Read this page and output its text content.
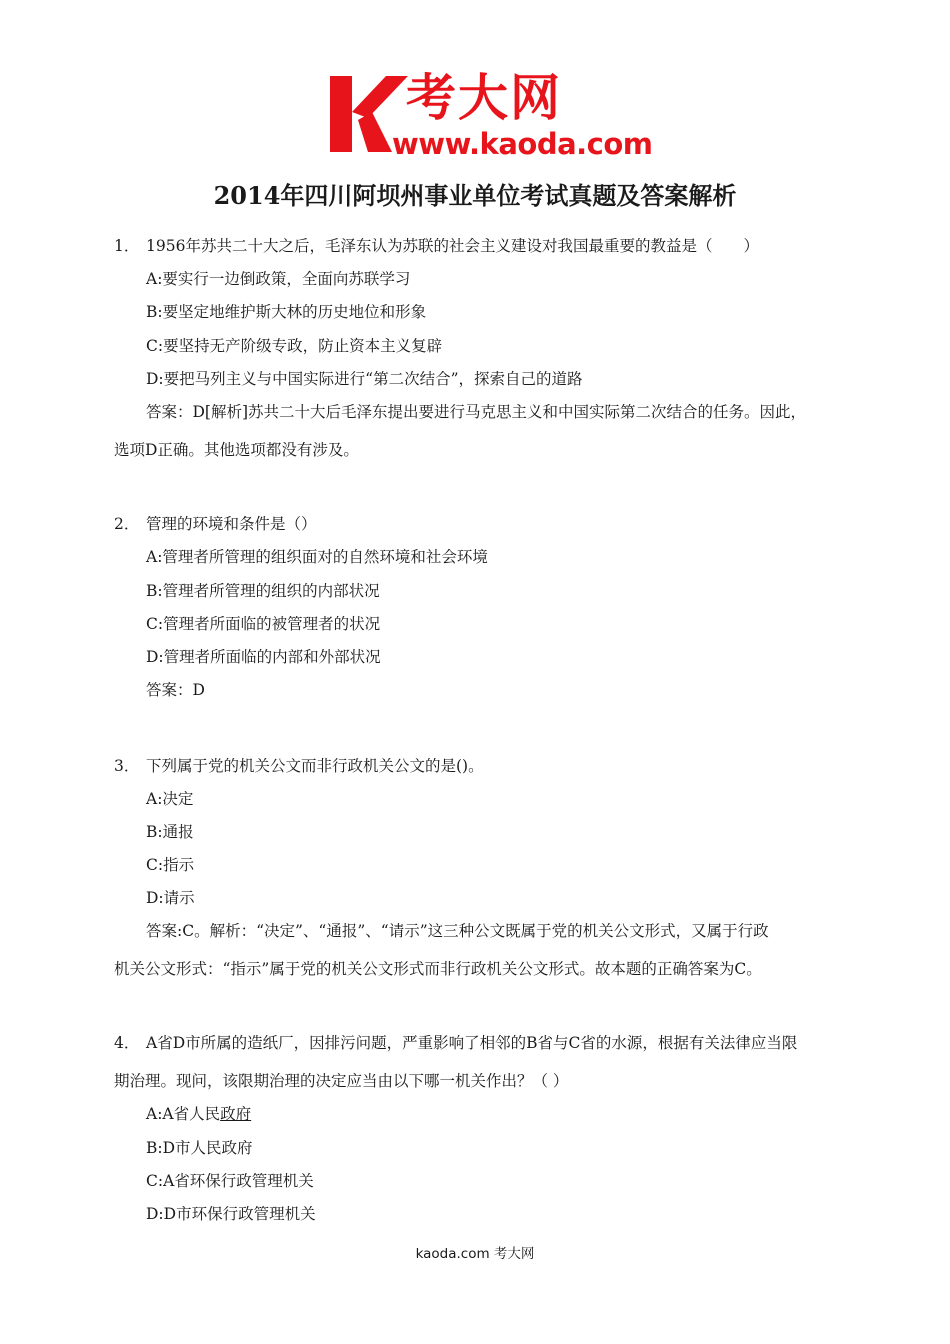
考大网
www.kaoda.com
2014年四川阿坝州事业单位考试真题及答案解析
1． 1956年苏共二十大之后，毛泽东认为苏联的社会主义建设对我国最重要的教益是（　　）
A:要实行一边倒政策，全面向苏联学习
B:要坚定地维护斯大林的历史地位和形象
C:要坚持无产阶级专政，防止资本主义复辟
D:要把马列主义与中国实际进行“第二次结合”，探索自己的道路
答案：D[解析]苏共二十大后毛泽东提出要进行马克思主义和中国实际第二次结合的任务。因此，
选项D正确。其他选项都没有涉及。
2． 管理的环境和条件是（）
A:管理者所管理的组织面对的自然环境和社会环境
B:管理者所管理的组织的内部状况
C:管理者所面临的被管理者的状况
D:管理者所面临的内部和外部状况
答案：D
3． 下列属于党的机关公文而非行政机关公文的是()。
A:决定
B:通报
C:指示
D:请示
答案:C。解析：“决定”、“通报”、“请示”这三种公文既属于党的机关公文形式，又属于行政
机关公文形式：“指示”属于党的机关公文形式而非行政机关公文形式。故本题的正确答案为C。
4． A省D市所属的造纸厂，因排污问题，严重影响了相邻的B省与C省的水源，根据有关法律应当限
期治理。现问，该限期治理的决定应当由以下哪一机关作出？（ ）
A:A省人民政府
B:D市人民政府
C:A省环保行政管理机关
D:D市环保行政管理机关
kaoda.com 考大网
